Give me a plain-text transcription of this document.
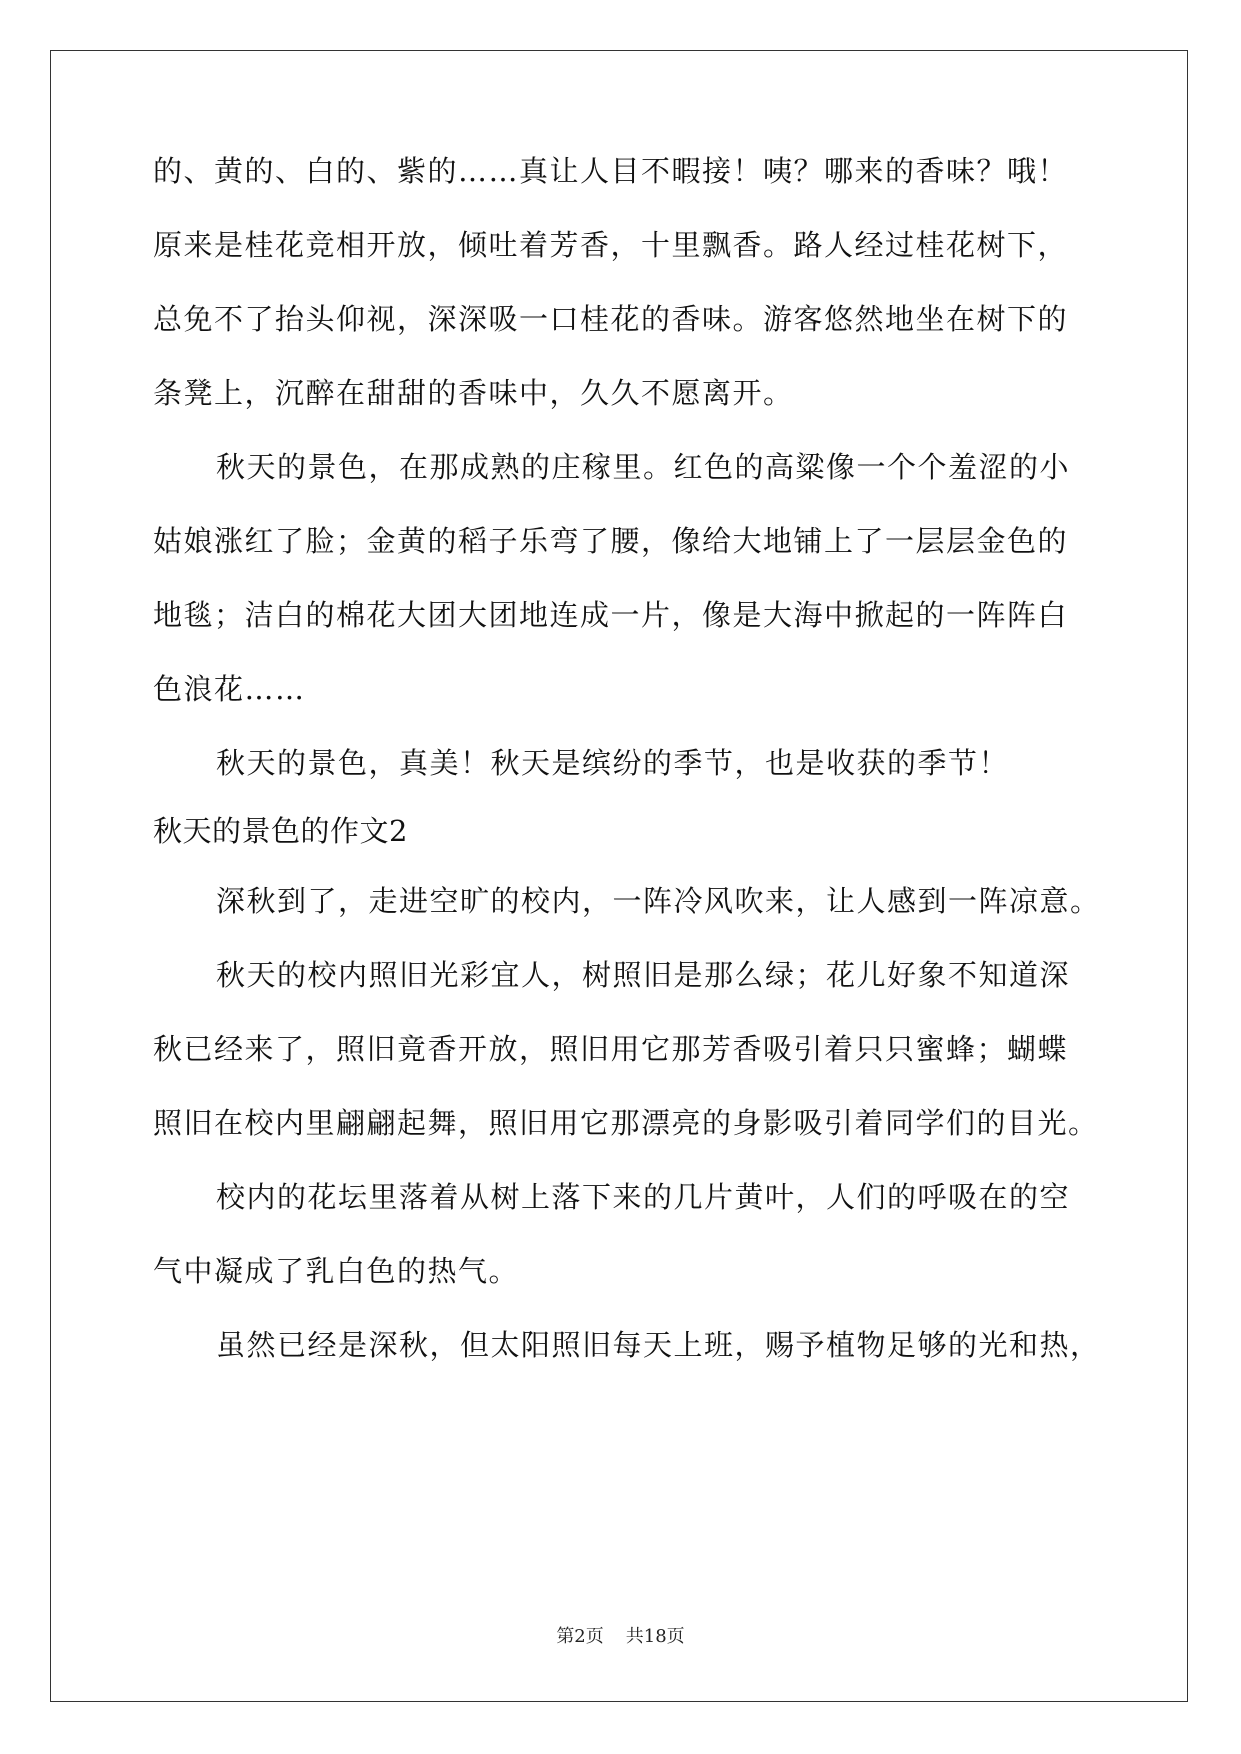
的、黄的、白的、紫的……真让人目不暇接！咦？哪来的香味？哦！
原来是桂花竞相开放，倾吐着芳香，十里飘香。路人经过桂花树下，
总免不了抬头仰视，深深吸一口桂花的香味。游客悠然地坐在树下的
条凳上，沉醉在甜甜的香味中，久久不愿离开。
秋天的景色，在那成熟的庄稼里。红色的高粱像一个个羞涩的小
姑娘涨红了脸；金黄的稻子乐弯了腰，像给大地铺上了一层层金色的
地毯；洁白的棉花大团大团地连成一片，像是大海中掀起的一阵阵白
色浪花……
秋天的景色，真美！秋天是缤纷的季节，也是收获的季节！
秋天的景色的作文2
深秋到了，走进空旷的校内，一阵冷风吹来，让人感到一阵凉意。
秋天的校内照旧光彩宜人，树照旧是那么绿；花儿好象不知道深
秋已经来了，照旧竟香开放，照旧用它那芳香吸引着只只蜜蜂；蝴蝶
照旧在校内里翩翩起舞，照旧用它那漂亮的身影吸引着同学们的目光。
校内的花坛里落着从树上落下来的几片黄叶，人们的呼吸在的空
气中凝成了乳白色的热气。
虽然已经是深秋，但太阳照旧每天上班，赐予植物足够的光和热，
第2页 共18页
